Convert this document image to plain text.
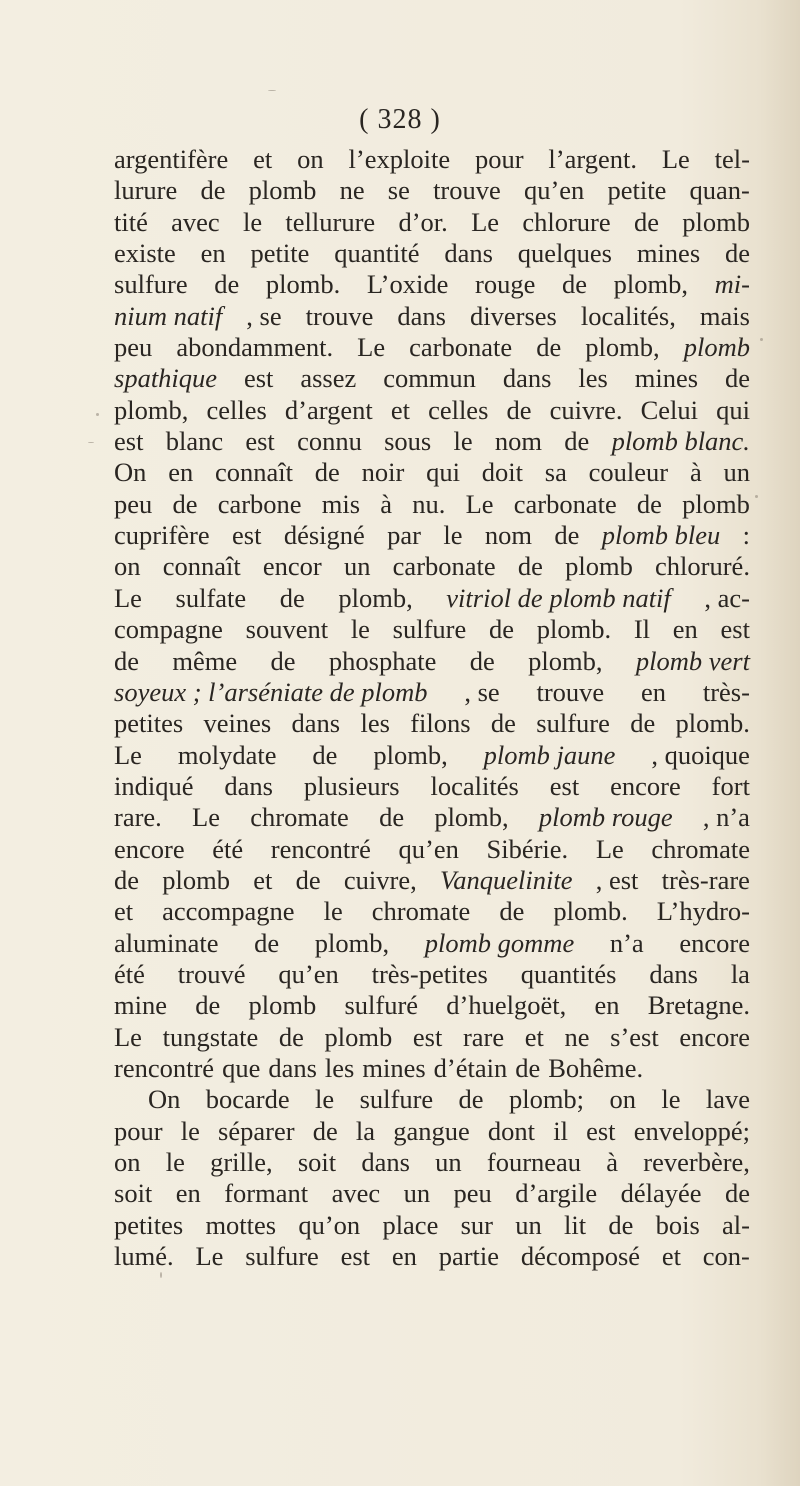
( 328 )
argentifère et on l’exploite pour l’argent. Le tel-
lurure de plomb ne se trouve qu’en petite quan-
tité avec le tellurure d’or. Le chlorure de plomb
existe en petite quantité dans quelques mines de
sulfure de plomb. L’oxide rouge de plomb, mi-
nium natif , se trouve dans diverses localités, mais
peu abondamment. Le carbonate de plomb, plomb
spathique est assez commun dans les mines de
plomb, celles d’argent et celles de cuivre. Celui qui
est blanc est connu sous le nom de plomb blanc.
On en connaît de noir qui doit sa couleur à un
peu de carbone mis à nu. Le carbonate de plomb
cuprifère est désigné par le nom de plomb bleu :
on connaît encor un carbonate de plomb chloruré.
Le sulfate de plomb, vitriol de plomb natif , ac-
compagne souvent le sulfure de plomb. Il en est
de même de phosphate de plomb, plomb vert
soyeux ; l’arséniate de plomb , se trouve en très-
petites veines dans les filons de sulfure de plomb.
Le molydate de plomb, plomb jaune , quoique
indiqué dans plusieurs localités est encore fort
rare. Le chromate de plomb, plomb rouge , n’a
encore été rencontré qu’en Sibérie. Le chromate
de plomb et de cuivre, Vanquelinite , est très-rare
et accompagne le chromate de plomb. L’hydro-
aluminate de plomb, plomb gomme n’a encore
été trouvé qu’en très-petites quantités dans la
mine de plomb sulfuré d’huelgoët, en Bretagne.
Le tungstate de plomb est rare et ne s’est encore
rencontré que dans les mines d’étain de Bohême.
On bocarde le sulfure de plomb; on le lave
pour le séparer de la gangue dont il est enveloppé;
on le grille, soit dans un fourneau à reverbère,
soit en formant avec un peu d’argile délayée de
petites mottes qu’on place sur un lit de bois al-
lumé. Le sulfure est en partie décomposé et con-
